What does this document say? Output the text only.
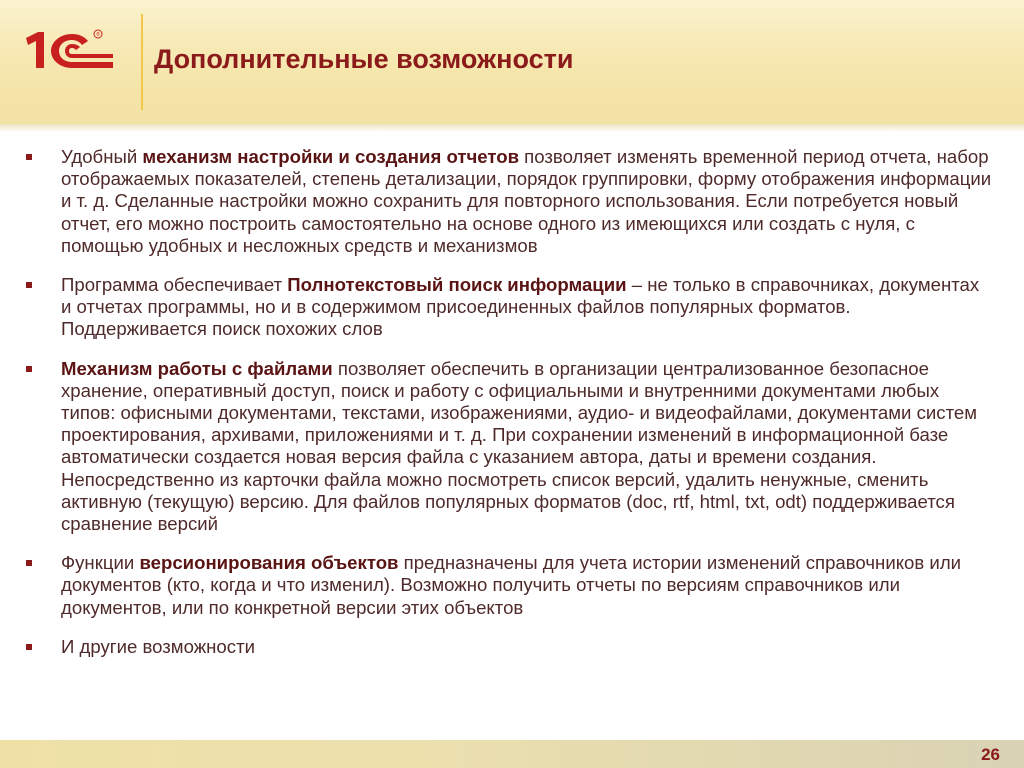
®
Дополнительные возможности
Удобный механизм настройки и создания отчетов позволяет изменять временной период отчета, набор отображаемых показателей, степень детализации, порядок группировки, форму отображения информации и т. д. Сделанные настройки можно сохранить для повторного использования. Если потребуется новый отчет, его можно построить самостоятельно на основе одного из имеющихся или создать с нуля, с помощью удобных и несложных средств и механизмов
Программа обеспечивает Полнотекстовый поиск информации – не только в справочниках, документах и отчетах программы, но и в содержимом присоединенных файлов популярных форматов. Поддерживается поиск похожих слов
Механизм работы с файлами позволяет обеспечить в организации централизованное безопасное хранение, оперативный доступ, поиск и работу с официальными и внутренними документами любых типов: офисными документами, текстами, изображениями, аудио- и видеофайлами, документами систем проектирования, архивами, приложениями и т. д. При сохранении изменений в информационной базе автоматически создается новая версия файла с указанием автора, даты и времени создания. Непосредственно из карточки файла можно посмотреть список версий, удалить ненужные, сменить активную (текущую) версию. Для файлов популярных форматов (doc, rtf, html, txt, odt) поддерживается сравнение версий
Функции версионирования объектов предназначены для учета истории изменений справочников или документов (кто, когда и что изменил). Возможно получить отчеты по версиям справочников или документов, или по конкретной версии этих объектов
И другие возможности
26
